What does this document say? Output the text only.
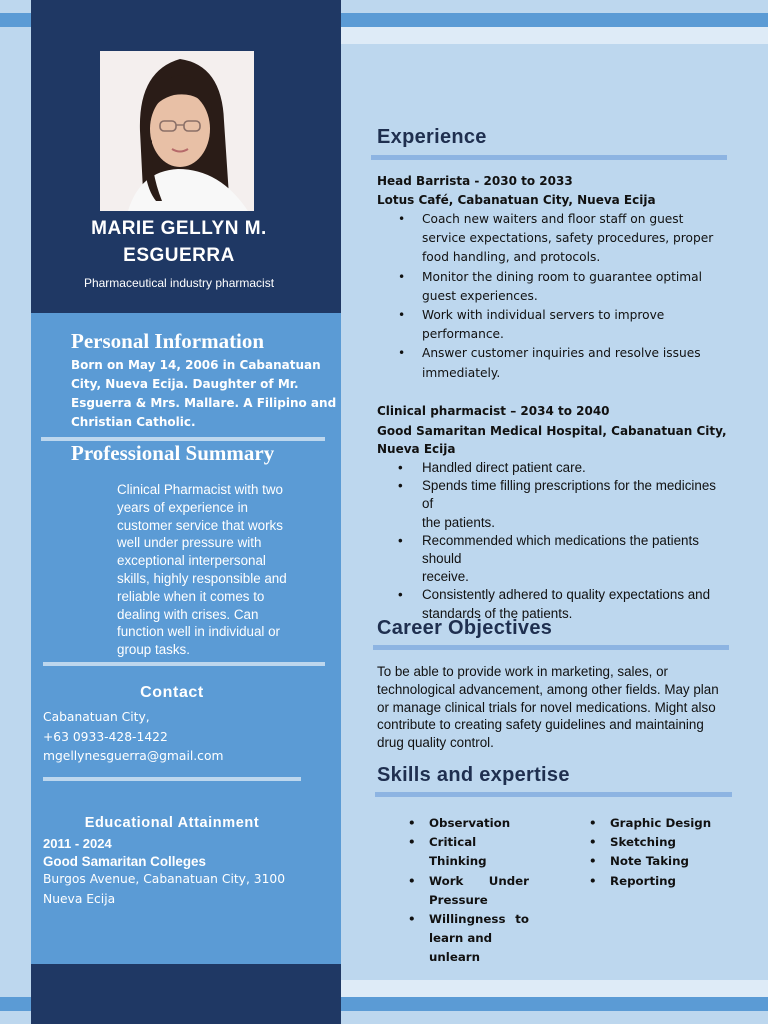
MARIE GELLYN M.
ESGUERRA
Pharmaceutical industry pharmacist
Personal Information
Born on May 14, 2006 in Cabanatuan
City, Nueva Ecija. Daughter of Mr.
Esguerra & Mrs. Mallare. A Filipino and
Christian Catholic.
Professional Summary
Clinical Pharmacist with two years of experience in customer service that works well under pressure with exceptional interpersonal skills, highly responsible and reliable when it comes to dealing with crises. Can function well in individual or group tasks.
Contact
Cabanatuan City,
+63 0933-428-1422
mgellynesguerra@gmail.com
Educational Attainment
2011 - 2024
Good Samaritan Colleges
Burgos Avenue, Cabanatuan City, 3100
Nueva Ecija
Experience
Head Barrista - 2030 to 2033
Lotus Café, Cabanatuan City, Nueva Ecija
• Coach new waiters and floor staff on guest
service expectations, safety procedures, proper
food handling, and protocols.
• Monitor the dining room to guarantee optimal
guest experiences.
• Work with individual servers to improve
performance.
• Answer customer inquiries and resolve issues
immediately.
Clinical pharmacist – 2034 to 2040
Good Samaritan Medical Hospital, Cabanatuan City,
Nueva Ecija
• Handled direct patient care.
• Spends time filling prescriptions for the medicines of
the patients.
• Recommended which medications the patients should
receive.
• Consistently adhered to quality expectations and
standards of the patients.
Career Objectives
To be able to provide work in marketing, sales, or technological advancement, among other fields. May plan or manage clinical trials for novel medications. Might also contribute to creating safety guidelines and maintaining drug quality control.
Skills and expertise
• Observation
• Critical Thinking
• Work Under
Pressure
• Willingness to
learn and unlearn
• Graphic Design
• Sketching
• Note Taking
• Reporting
